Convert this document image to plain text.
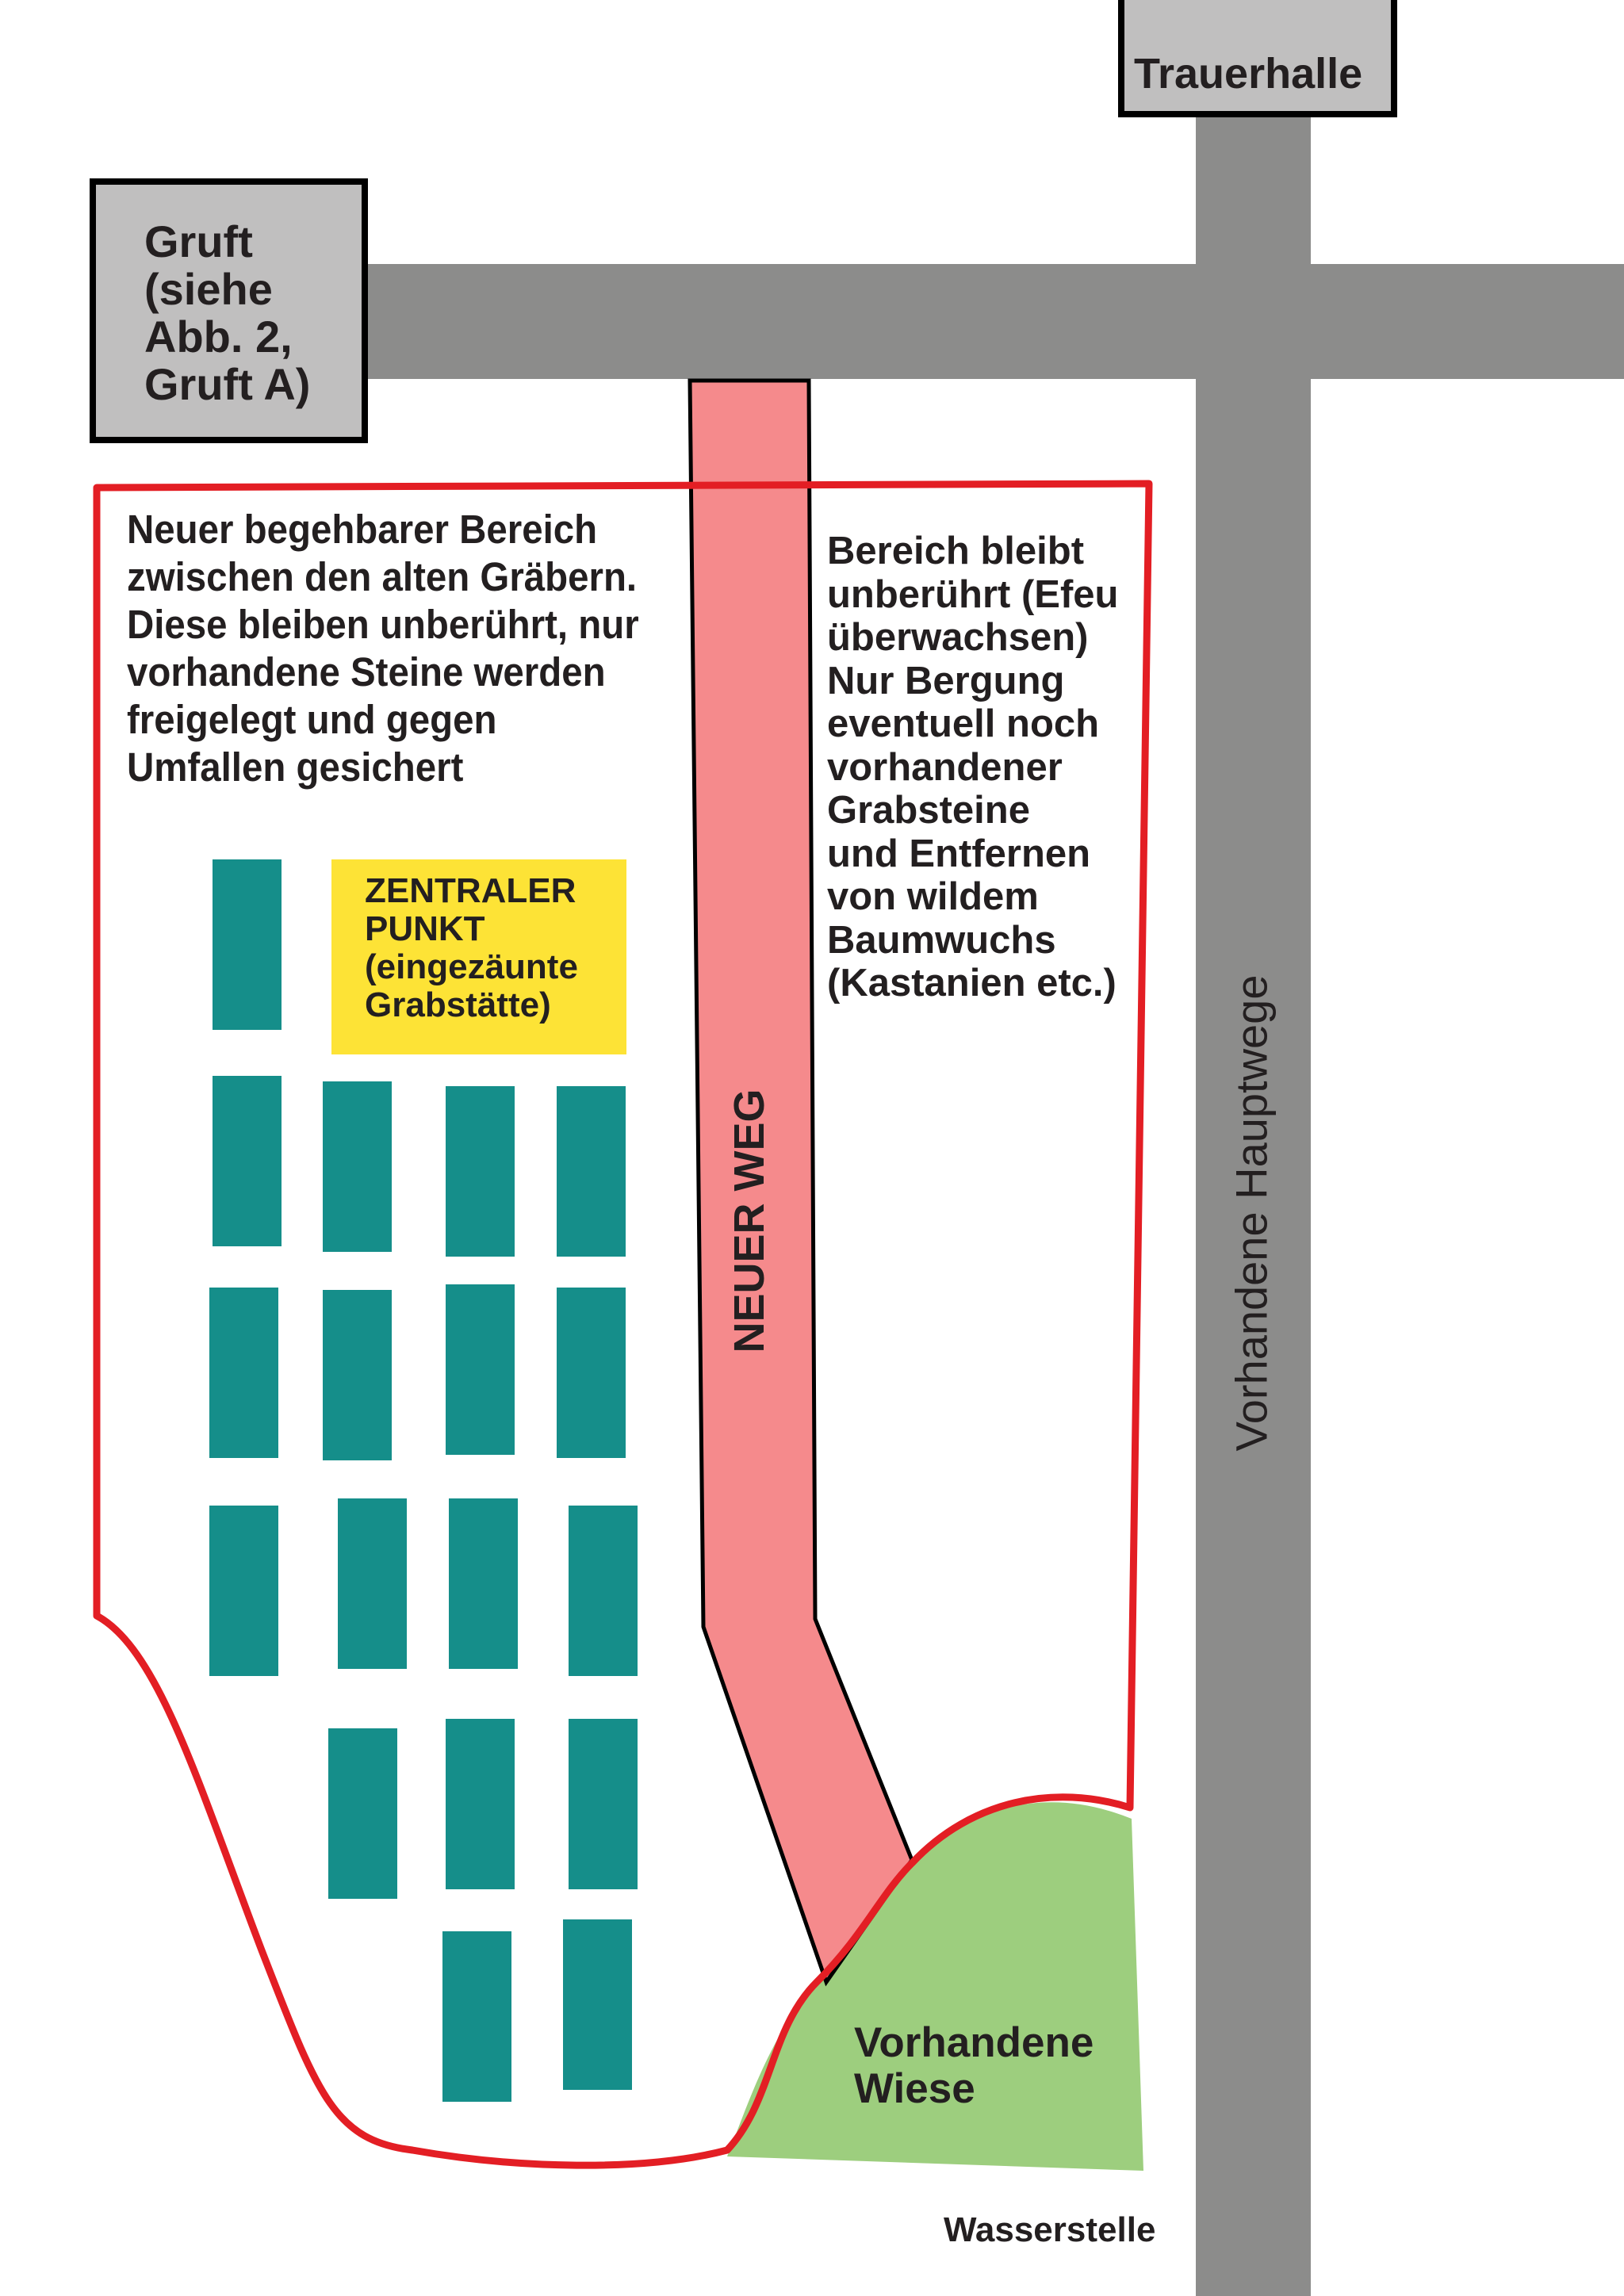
Trauerhalle
Gruft
(siehe
Abb. 2,
Gruft A)
Neuer begehbarer Bereich
zwischen den alten Gräbern.
Diese bleiben unberührt, nur
vorhandene Steine werden
freigelegt und gegen
Umfallen gesichert
Bereich bleibt
unberührt (Efeu
überwachsen)
Nur Bergung
eventuell noch
vorhandener
Grabsteine
und Entfernen
von wildem
Baumwuchs
(Kastanien etc.)
ZENTRALER
PUNKT
(eingezäunte
Grabstätte)
NEUER WEG	Vorhandene Hauptwege
Vorhandene
Wiese
Wasserstelle
